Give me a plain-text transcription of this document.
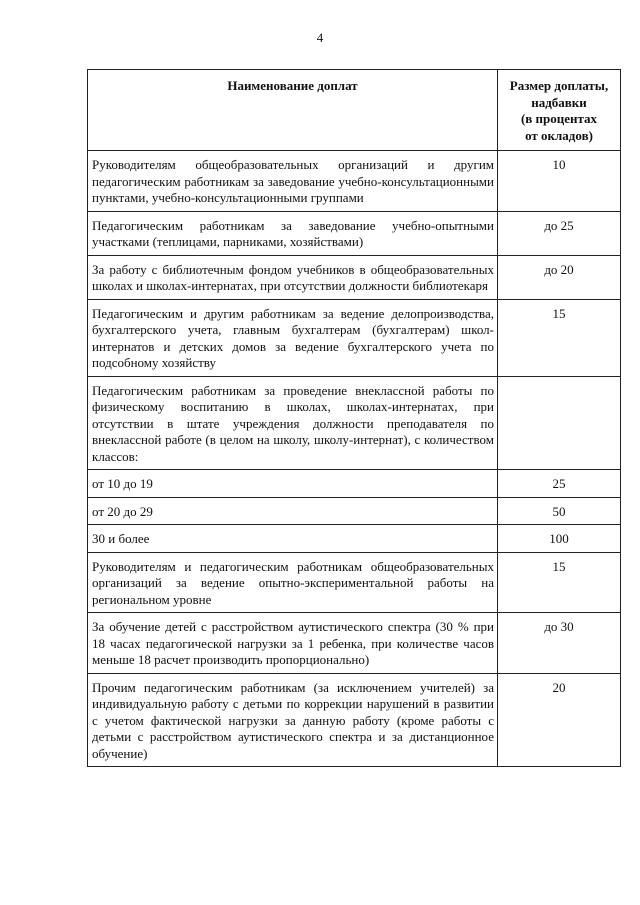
4
Наименование доплат	Размер доплаты,
надбавки
(в процентах
от окладов)

Руководителям общеобразовательных организаций и другим педагогическим работникам за заведование учебно-консультационными пунктами, учебно-консультационными группами	10
Педагогическим работникам за заведование учебно-опытными участками (теплицами, парниками, хозяйствами)	до 25
За работу с библиотечным фондом учебников в общеобразовательных школах и школах-интернатах, при отсутствии должности библиотекаря	до 20
Педагогическим и другим работникам за ведение делопроизводства, бухгалтерского учета, главным бухгалтерам (бухгалтерам) школ-интернатов и детских домов за ведение бухгалтерского учета по подсобному хозяйству	15
Педагогическим работникам за проведение внеклассной работы по физическому воспитанию в школах, школах-интернатах, при отсутствии в штате учреждения должности преподавателя по внеклассной работе (в целом на школу, школу-интернат), с количеством классов:	
от 10 до 19	25
от 20 до 29	50
30 и более	100
Руководителям и педагогическим работникам общеобразовательных организаций за ведение опытно-экспериментальной работы на региональном уровне	15
За обучение детей с расстройством аутистического спектра (30 % при 18 часах педагогической нагрузки за 1 ребенка, при количестве часов меньше 18 расчет производить пропорционально)	до 30
Прочим педагогическим работникам (за исключением учителей) за индивидуальную работу с детьми по коррекции нарушений в развитии с учетом фактической нагрузки за данную работу (кроме работы с детьми с расстройством аутистического спектра и за дистанционное обучение)	20
